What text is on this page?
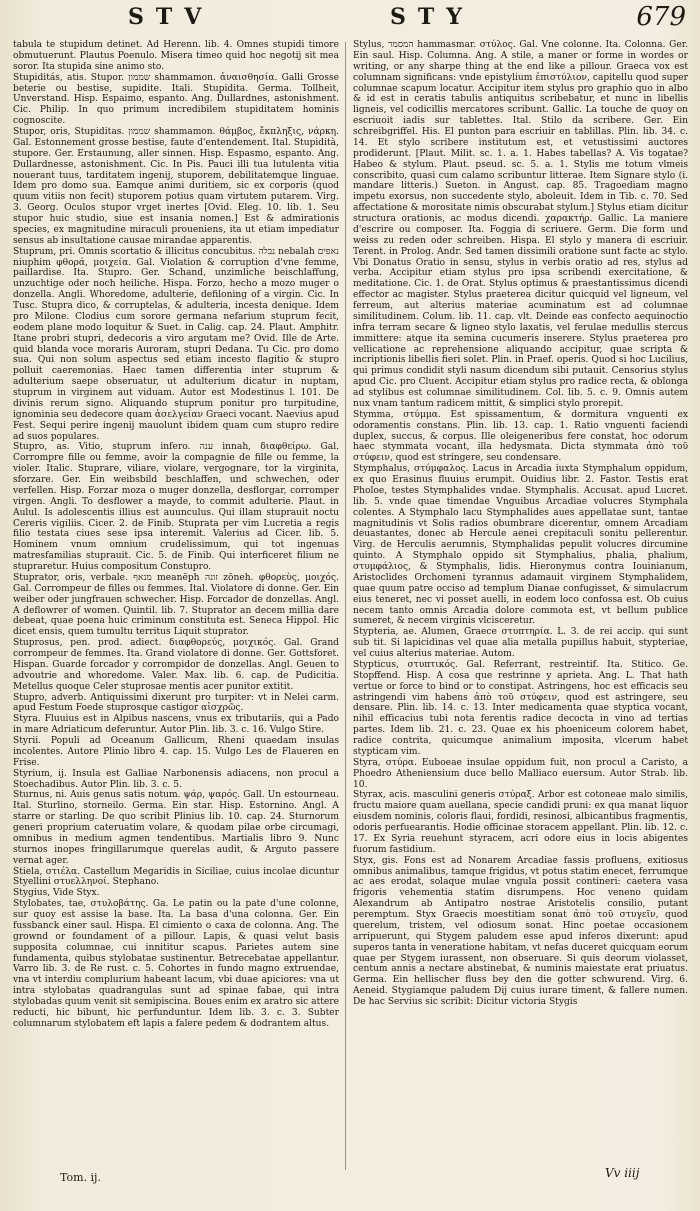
STV	STY	679

tabula te stupidum detinet. Ad Herenn. lib. 4. Omnes stupidi timore obmutuerunt. Plautus Poenulo. Misera timeo quid hoc negotij sit mea soror. Ita stupida sine animo sto.

Stupiditás, atis. Stupor. שממון shammamon. ἀναισθησία. Galli Grosse beterie ou bestise, supidite. Itali. Stupidita. Germa. Tollheit, Unverstand. Hisp. Espaimo, espanto. Ang. Dullardnes, astonishment. Cic. Philip. In quo primum incredibilem stupiditatem hominis cognoscite.

Stupor, oris, Stupiditas. שממון shammamon. θάμβος, ἔκπληξις, νάρκη. Gal. Estonnement grosse bestise, faute d'entendement. Ital. Stupidità, stupore. Ger. Erstaunung, aller sinnen. Hisp. Espasmo, espanto. Ang. Dullardnesse, astonishment. Cic. In Pis. Pauci illi tua lutulenta vitia nouerant tuus, tarditatem ingenij, stuporem, debilitatemque linguae. Idem pro domo sua. Eamque animi duritiem, sic ex corporis (quod quum vitiis non fecit) stuporem potius quam virtutem putarem. Virg. 3. Georg. Oculos stupor vrget inertes [Ovid. Eleg. 10. lib. 1. Seu stupor huic studio, siue est insania nomen.] Est & admirationis species, ex magnitudine miraculi proueniens, ita ut etiam impediatur sensus ab insultatione causae mirandae apparentis.

Stuprum, pri. Omnis scortatio & illicitus concubitus. נבלה nebalah נאפים niuphim φθορά, μοιχεία. Gal. Violation & corruption d'vne femme, paillardise. Ita. Stupro. Ger. Schand, unzimliche beischlaffung, unzuchtige oder noch heiliche. Hispa. Forzo, hecho a mozo muger o donzella. Angli. Whoredome, adulterie, defiloning of a virgin. Cic. In Tusc. Stupra dico, & corruptelas, & adulteria, incesta denique. Idem pro Milone. Clodius cum sorore germana nefarium stuprum fecit, eodem plane modo loquitur & Suet. in Calig. cap. 24. Plaut. Amphitr. Itane probri stupri, dedecoris a viro argutam me? Ovid. Ille de Arte. quid blanda voce moraris Auroram, stupri Dedana. Tu Cic. pro domo sua. Qui non solum aspectus sed etiam incesto flagitio & stupro polluit caeremonias. Haec tamen differentia inter stuprum & adulterium saepe obseruatur, ut adulterium dicatur in nuptam, stuprum in virginem aut viduam. Autor est Modestinus l. 101. De divinis rerum signo. Aliquando stuprum ponitur pro turpitudine, ignominia seu dedecore quam ἀσελγείαν Graeci vocant. Naevius apud Fest. Sequi perire ingenij mauolunt ibidem quam cum stupro redire ad suos populares.

Stupro, as. Vitio, stuprum infero. ענה innah, διαφθείρω. Gal. Corrompre fille ou femme, avoir la compagnie de fille ou femme, la violer. Italic. Stuprare, viliare, violare, vergognare, tor la virginita, sforzare. Ger. Ein weibsbild beschlaffen, und schwechen, oder verfellen. Hisp. Forzar moza o muger donzella, desflorgar, corromper virgen. Angli. To desflower a mayde, to commit adulterie. Plaut. in Aulul. Is adolescentis illius est auunculus. Qui illam stuprauit noctu Cereris vigiliis. Cicer. 2. de Finib. Stuprata per vim Lucretia a regis filio testata ciues sese ipsa interemit. Valerius ad Cicer. lib. 5. Hominem vnum omnium crudelissimum, qui tot ingenuas matresfamilias stuprauit. Cic. 5. de Finib. Qui interficeret filium ne stupraretur. Huius compositum Constupro.

Stuprator, oris, verbale. מנאף meanēph זונה zōneh. φθορεὺς, μοιχός. Gal. Corrompeur de filles ou femmes. Ital. Violatore di donne. Ger. Ein weiber oder jungfrauen schwecher. Hisp. Forcador de donzellas. Angl. A deflowrer of women. Quintil. lib. 7. Stuprator an decem millia dare debeat, quae poena huic criminum constituta est. Seneca Hippol. Hic dicet ensis, quem tumultu territus Liquit stuprator.

Stuprosus, pen. prod. adiect. διαφθορεύς, μοιχικός. Gal. Grand corrompeur de femmes. Ita. Grand violatore di donne. Ger. Gottsforet. Hispan. Guarde forcador y corrompidor de donzellas. Angl. Geuen to advoutrie and whoredome. Valer. Max. lib. 6. cap. de Pudicitia. Metellus quoque Celer stuprosae mentis acer punitor extitit.

Stupro, adverb. Antiquissimi dixerunt pro turpiter: vt in Nelei carm. apud Festum Foede stuprosque castigor αἰσχρῶς.

Styra. Fluuius est in Alpibus nascens, vnus ex tributariis, qui a Pado in mare Adriaticum deferuntur. Autor Plin. lib. 3. c. 16. Vulgo Stire.

Styrii. Populi ad Oceanum Gallicum, Rheni quaedam insulas incolentes. Autore Plinio libro 4. cap. 15. Vulgo Les de Flaueren en Frise.

Styrium, ij. Insula est Galliae Narbonensis adiacens, non procul a Stoechadibus. Autor Plin. lib. 3. c. 5.

Sturnus, ni. Auis genus satis notum. ψάρ, ψαρός. Gall. Un estourneau. Ital. Sturlino, storneilo. Germa. Ein star. Hisp. Estornino. Angl. A starre or starling. De quo scribit Plinius lib. 10. cap. 24. Sturnorum generi proprium cateruatim volare, & quodam pilae orbe circumagi, omnibus in medium agmen tendentibus. Martialis libro 9. Nunc sturnos inopes fringillarumque querelas audit, & Arguto passere vernat ager.

Stiela, στιέλα. Castellum Megaridis in Siciliae, cuius incolae dicuntur Styellini στυελληνοί. Stephano.

Stygius, Vide Styx.

Stylobates, tae, στυλοβάτης. Ga. Le patin ou la pate d'une colonne, sur quoy est assise la base. Ita. La basa d'una colonna. Ger. Ein fussbanck einer saul. Hispa. El cimiento o caxa de colonna. Ang. The grownd or foundament of a pillour. Lapis, & quasi velut basis supposita columnae, cui innititur scapus. Parietes autem sine fundamenta, quibus stylobatae sustinentur. Betrecebatae appellantur. Varro lib. 3. de Re rust. c. 5. Cohortes in fundo magno extruendae, vna vt interdiu complurium habeant lacum, vbi duae apiciores: vna ut intra stylobatas quadrangulas sunt ad spinae fabae, qui intra stylobadas quum venit sit semipiscina. Boues enim ex aratro sic attere reducti, hic bibunt, hic perfunduntur. Idem lib. 3. c. 3. Subter columnarum stylobatem eft lapis a falere pedem & dodrantem altus.

Stylus, המסמר hammasmar. στύλος. Gal. Vne colonne. Ita. Colonna. Ger. Ein saul. Hisp. Columna. Ang. A stile, a maner or forme in wordes or writing, or any sharpe thing at the end like a pillour. Graeca vox est columnam significans: vnde epistylium ἐπιστύλιον, capitellu quod super columnae scapum locatur. Accipitur item stylus pro graphio quo in albo & id est in ceratis tabulis antiquitus scribebatur, et nunc in libellis ligneis, vel codicillis mercatores scribunt. Gallic. La touche de quoy on escriuoit iadis sur tablettes. Ital. Stilo da scribere. Ger. Ein schreibgriffel. His. El punton para escriuir en tablillas. Plin. lib. 34. c. 14. Et stylo scribere institutum est, et vetustissimi auctores prodiderunt. [Plaut. Milit. sc. 1. a. 1. Habes tabellas? A. Vis togatae? Habeo & stylum. Plaut. pseud. sc. 5. a. 1. Stylis me totum vlmeis conscribito, quasi cum calamo scribuntur litterae. Item Signare stylo (i. mandare litteris.) Sueton. in Angust. cap. 85. Tragoediam magno impetu exorsus, non succedente stylo, aboleuit. Idem in Tib. c. 70. Sed affectatione & morositate nimis obscurabat stylum.] Stylus etiam dicitur structura orationis, ac modus dicendi. χαρακτήρ. Gallic. La maniere d'escrire ou composer. Ita. Foggia di scriuere. Germ. Die form und weiss zu reden oder schreiben. Hispa. El stylo y manera di escriuir. Terent. in Prolog. Andr. Sed tamen dissimili oratione sunt facte ac stylo. Vbi Donatus Oratio in sensu, stylus in verbis oratio ad res, stylus ad verba. Accipitur etiam stylus pro ipsa scribendi exercitatione, & meditatione. Cic. 1. de Orat. Stylus optimus & praestantissimus dicendi effector ac magister. Stylus praeterea dicitur quicquid vel ligneum, vel ferreum, aut alterius materiae acuminatum est ad columnae similitudinem. Colum. lib. 11. cap. vlt. Deinde eas confecto aequinoctio infra terram secare & ligneo stylo laxatis, vel ferulae medullis stercus immittere: atque ita semina cucumeris inserere. Stylus praeterea pro vellicatione ac reprehensione aliquando accipitur, quae scripta & incriptionis libellis fieri solet. Plin. in Praef. operis. Quod si hoc Lucilius, qui primus condidit styli nasum dicendum sibi putauit. Censorius stylus apud Cic. pro Cluent. Accipitur etiam stylus pro radice recta, & oblonga ad stylibus est columnae similitudinem. Col. lib. 5. c. 9. Omnis autem nux vnam tantum radicem mittit, & simplici stylo prorepit.

Stymma, στύμμα. Est spissamentum, & dormitura vnguenti ex odoramentis constans. Plin. lib. 13. cap. 1. Ratio vnguenti faciendi duplex, succus, & corpus. Ille oleigeneribus fere constat, hoc odorum haec stymmata vocant, illa hedysmata. Dicta stymmata ἀπὸ τοῦ στύφειν, quod est stringere, seu condensare.

Stymphalus, στύμφαλος. Lacus in Arcadia iuxta Stymphalum oppidum, ex quo Erasinus fluuius erumpit. Ouidius libr. 2. Fastor. Testis erat Pholoe, testes Stymphalides vndae. Stymphalis. Accusat. apud Lucret. lib. 5. vnde quae timendae Vnguibus Arcadiae volucres Stymphala colentes. A Stymphalo lacu Stymphalides aues appellatae sunt, tantae magnitudinis vt Solis radios obumbrare dicerentur, omnem Arcadiam deuastantes, donec ab Hercule aenei crepitaculi sonitu pellerentur. Virg. de Herculis aerumnis, Stymphalidas pepulit volucres dircumine quinto. A Stymphalo oppido sit Stymphalius, phalia, phalium, στυμφάλιος, & Stymphalis, lidis. Hieronymus contra Iouinianum, Aristoclides Orchomeni tyrannus adamauit virginem Stymphalidem, quae quum patre occiso ad templum Dianae confugisset, & simulacrum eius teneret, nec vi posset auelli, in eodem loco confossa est. Ob cuius necem tanto omnis Arcadia dolore commota est, vt bellum publice sumeret, & necem virginis vlcisceretur.

Stypteria, ae. Alumen, Graece στυπτηρία. L. 3. de rei accip. qui sunt sub tit. Si lapicidinas vel quae alia metalla pupillus habuit, stypteriae, vel cuius alterius materiae. Autom.

Stypticus, στυπτικός. Gal. Referrant, restreintif. Ita. Stitico. Ge. Stopffend. Hisp. A cosa que restrinne y aprieta. Ang. L. That hath vertue or force to bind or to constipat. Astringens, hoc est efficacis seu astringendi vim habens ἀπὸ τοῦ στύφειν, quod est astringere, seu densare. Plin. lib. 14. c. 13. Inter medicamenta quae styptica vocant, nihil efficacius tubi nota ferentis radice decocta in vino ad tertias partes. Idem lib. 21. c. 23. Quae ex his phoeniceum colorem habet, radice contrita, quicumque animalium imposita, vlcerum habet stypticam vim.

Styra, στύρα. Euboeae insulae oppidum fuit, non procul a Caristo, a Phoedro Atheniensium duce bello Malliaco euersum. Autor Strab. lib. 10.

Styrax, acis. masculini generis στύραξ. Arbor est cotoneae malo similis, fructu maiore quam auellana, specie candidi pruni: ex qua manat liquor eiusdem nominis, coloris flaui, fordidi, resinosi, albicantibus fragmentis, odoris perfuearantis. Hodie officinae storacem appellant. Plin. lib. 12. c. 17. Ex Syria reuehunt styracem, acri odore eius in locis abigentes fuorum fastidium.

Styx, gis. Fons est ad Nonarem Arcadiae fassis profluens, exitiosus omnibus animalibus, tamque frigidus, vt potus statim enecet, ferrumque ac aes erodat, solaque mulae vngula possit contineri: caetera vasa frigoris vehementia statim disrumpens. Hoc veneno quidam Alexandrum ab Antipatro nostrae Aristotelis consilio, putant peremptum. Styx Graecis moestitiam sonat ἀπὸ τοῦ στυγεῖν, quod querelum, tristem, vel odiosum sonat. Hinc poetae occasionem arripuerunt, qui Stygem paludem esse apud inferos dixerunt: apud superos tanta in veneratione habitam, vt nefas duceret quicquam eorum quae per Stygem iurassent, non obseruare. Si quis deorum violasset, centum annis a nectare abstinebat, & numinis maiestate erat priuatus. Germa. Ein hellischer fluss bey den die gotter schwurend. Virg. 6. Aeneid. Stygiamque paludem Dij cuius iurare timent, & fallere numen. De hac Servius sic scribit: Dicitur victoria Stygis

Tom. ij.	Vv iiij
